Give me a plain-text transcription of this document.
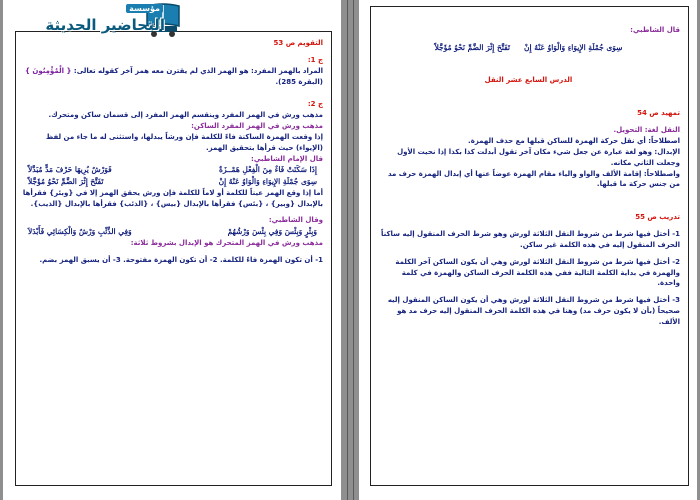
التقويم ص 53
ج 1:
المراد بالهمز المفرد: هو الهمز الذي لم يقترن معه همز آخر كقوله تعالى: { الْمُؤْمِنُونَ } (البقرة 285).
ج 2:
مذهب ورش في الهمز المفرد وينقسم الهمز المفرد إلى قسمان ساكن ومتحرك.
مذهب ورش في الهمز المفرد الساكن:
إذا وقعت الهمزة الساكنة فاءً للكلمة فإن ورشاً يبدلها، واستثنى له ما جاء من لفظ (الإيواء) حيث قرأها بتحقيق الهمز.
قال الإمام الشاطبي:
إِذَا سَكَنَتْ فَاءٌ مِنَ الْفِعْلِ هَمْــزَةٌ
فَوَرْشٌ يُرِيهَا حَرْفَ مَدٍّ مُبَدَّلاً
سِوَى جُمْلَةِ الإِيوَاءِ وَالْوَاوُ عَنْهُ إِنْ
تَفَتَّحَ إِثْرَ الضَّمِّ نَحْوُ مُؤَجَّلاً
أما إذا وقع الهمز عيناً للكلمة أو لاماً للكلمة فإن ورش يحقق الهمز إلا في {وبئر} فقرأها بالإبدال {وبير} ، {بئس} فقرأها بالإبدال {بيس} ، {الذئب} فقرأها بالإبدال {الذيب}.
وقال الشاطبي:
وَبِئْرٍ وَبِئْسَ وَفِي بِئْسَ وَرْشُهُمْ
وَفِي الذِّئْبِ وَرْشٌ وَالْكِسَائِي فَأَبْدَلاَ
مذهب ورش في الهمز المتحرك هو الإبدال بشروط ثلاثة:
1- أن تكون الهمزة فاءً للكلمة. 2- أن تكون الهمزة مفتوحة. 3- أن يسبق الهمز بضم.
مؤسسة
التحاضير الحديثة	قال الشاطبي:
سِوَى جُمْلَةِ الإِيوَاءِ وَالْوَاوُ عَنْهُ إِنْ
تَفَتَّحَ إِثْرَ الضَّمِّ نَحْوُ مُؤَجَّلاً
الدرس السابع عشر النقل
تمهيد ص 54
النقل لغة: التحويل.
اصطلاحاً: أي نقل حركة الهمزة للساكن قبلها مع حذف الهمزة.
الإبدال: وهو لغة عبارة عن جعل شيء مكان آخر تقول أبدلت كذا بكذا إذا نحيت الأول وجعلت الثاني مكانه.
واصطلاحاً: إقامة الألف والواو والياء مقام الهمزة عوضاً عنها أي إبدال الهمزة حرف مد من جنس حركة ما قبلها.
تدريب ص 55
1- أختل فيها شرط من شروط النقل الثلاثة لورش وهو شرط الحرف المنقول إليه ساكناً الحرف المنقول إليه في هذه الكلمة غير ساكن.
2- أختل فيها شرط من شروط النقل الثلاثة لورش وهي أن يكون الساكن آخر الكلمة والهمزة في بداية الكلمة التالية ففي هذه الكلمة الحرف الساكن والهمزة في كلمة واحدة.
3- أختل فيها شرط من شروط النقل الثلاثة لورش وهي أن يكون الساكن المنقول إليه صحيحاً (بأن لا يكون حرف مد) وهنا في هذه الكلمة الحرف المنقول إليه حرف مد هو الألف.
